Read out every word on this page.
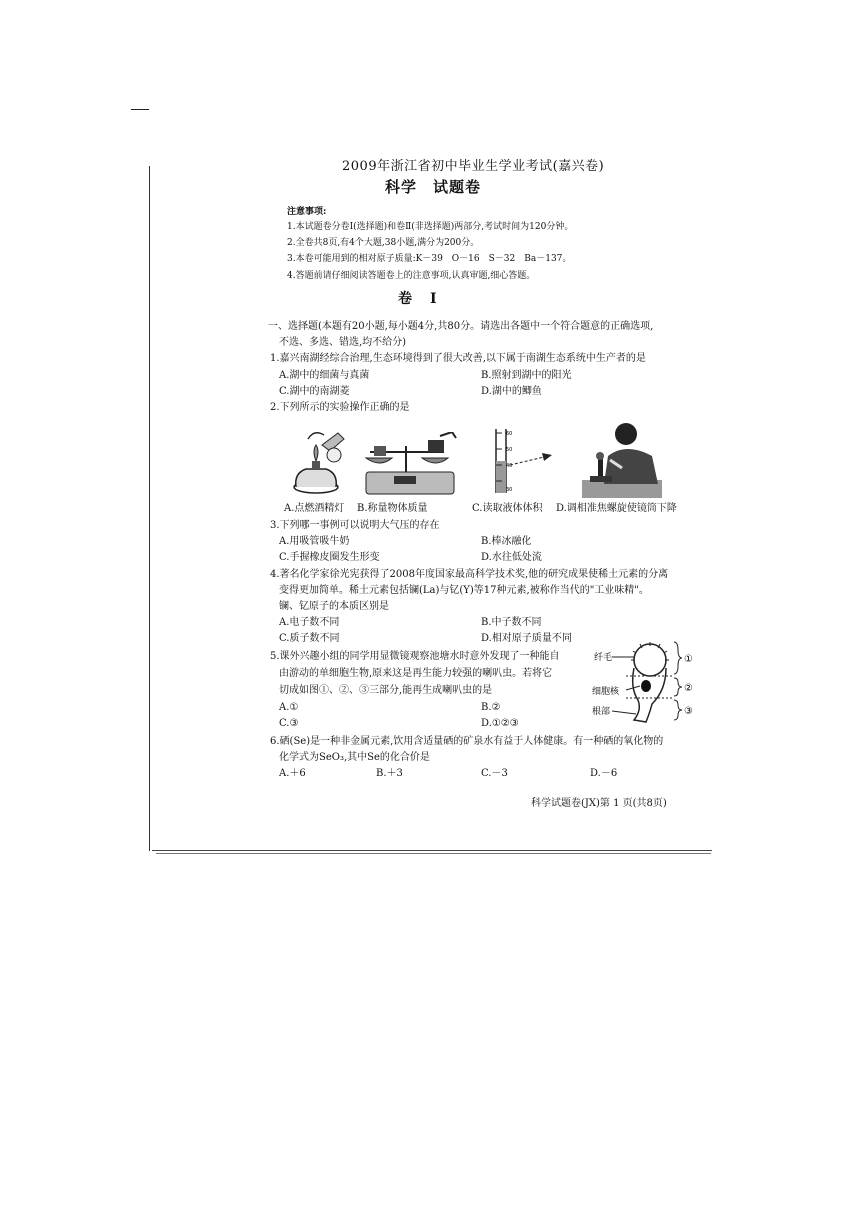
2009年浙江省初中毕业生学业考试(嘉兴卷)
科学　试题卷
注意事项:
1.本试题卷分卷Ⅰ(选择题)和卷Ⅱ(非选择题)两部分,考试时间为120分钟。
2.全卷共8页,有4个大题,38小题,满分为200分。
3.本卷可能用到的相对原子质量:K－39　O－16　S－32　Ba－137。
4.答题前请仔细阅读答题卷上的注意事项,认真审题,细心答题。
卷　Ⅰ
一、选择题(本题有20小题,每小题4分,共80分。请选出各题中一个符合题意的正确选项,
不选、多选、错选,均不给分)
1.嘉兴南湖经综合治理,生态环境得到了很大改善,以下属于南湖生态系统中生产者的是
A.湖中的细菌与真菌	B.照射到湖中的阳光
C.湖中的南湖菱	D.湖中的鲫鱼
2.下列所示的实验操作正确的是
60
50
40
30
A.点燃酒精灯 B.称量物体质量	C.读取液体体积 D.调相准焦螺旋使镜筒下降
3.下列哪一事例可以说明大气压的存在
A.用吸管吸牛奶	B.棒冰融化
C.手握橡皮圈发生形变	D.水往低处流
4.著名化学家徐光宪获得了2008年度国家最高科学技术奖,他的研究成果使稀土元素的分离
变得更加简单。稀土元素包括镧(La)与钇(Y)等17种元素,被称作当代的"工业味精"。
镧、钇原子的本质区别是
A.电子数不同	B.中子数不同
C.质子数不同	D.相对原子质量不同
5.课外兴趣小组的同学用显微镜观察池塘水时意外发现了一种能自
由游动的单细胞生物,原来这是再生能力较强的喇叭虫。若将它
切成如图①、②、③三部分,能再生成喇叭虫的是
A.①	B.②
C.③	D.①②③
纤毛
细胞核
根部
①
②
③
6.硒(Se)是一种非金属元素,饮用含适量硒的矿泉水有益于人体健康。有一种硒的氧化物的
化学式为SeO₃,其中Se的化合价是
A.＋6	B.＋3	C.－3	D.－6
科学试题卷(JX)第 1 页(共8页)
